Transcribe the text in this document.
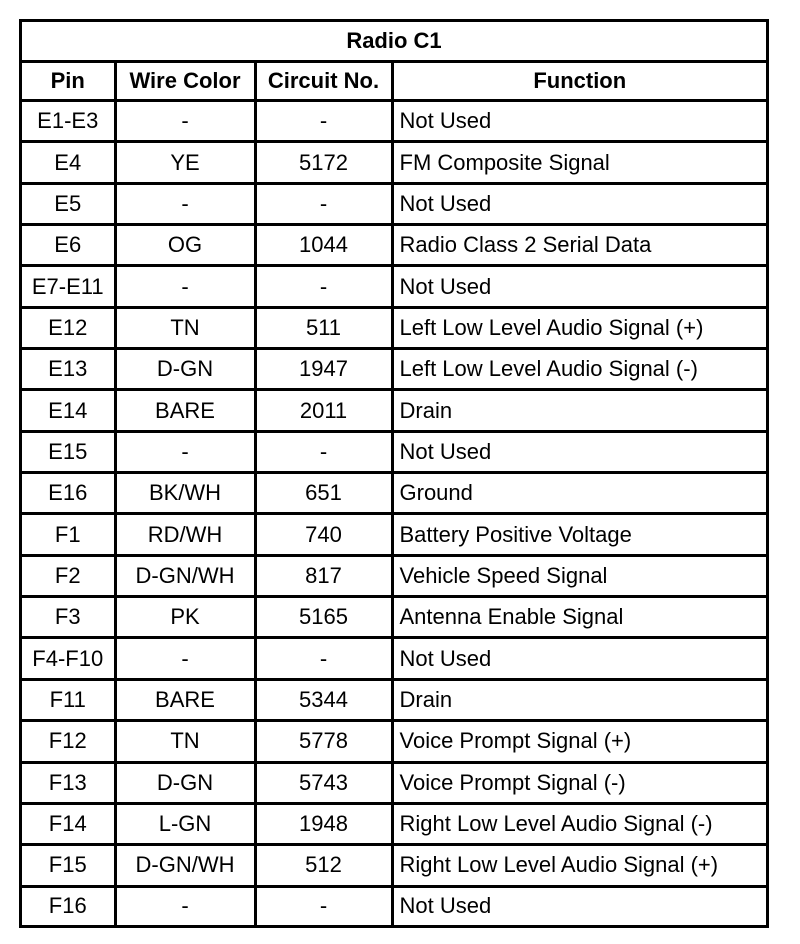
Radio C1			
Pin	Wire Color	Circuit No.	Function
E1-E3	-	-	Not Used
E4	YE	5172	FM Composite Signal
E5	-	-	Not Used
E6	OG	1044	Radio Class 2 Serial Data
E7-E11	-	-	Not Used
E12	TN	511	Left Low Level Audio Signal (+)
E13	D-GN	1947	Left Low Level Audio Signal (-)
E14	BARE	2011	Drain
E15	-	-	Not Used
E16	BK/WH	651	Ground
F1	RD/WH	740	Battery Positive Voltage
F2	D-GN/WH	817	Vehicle Speed Signal
F3	PK	5165	Antenna Enable Signal
F4-F10	-	-	Not Used
F11	BARE	5344	Drain
F12	TN	5778	Voice Prompt Signal (+)
F13	D-GN	5743	Voice Prompt Signal (-)
F14	L-GN	1948	Right Low Level Audio Signal (-)
F15	D-GN/WH	512	Right Low Level Audio Signal (+)
F16	-	-	Not Used
